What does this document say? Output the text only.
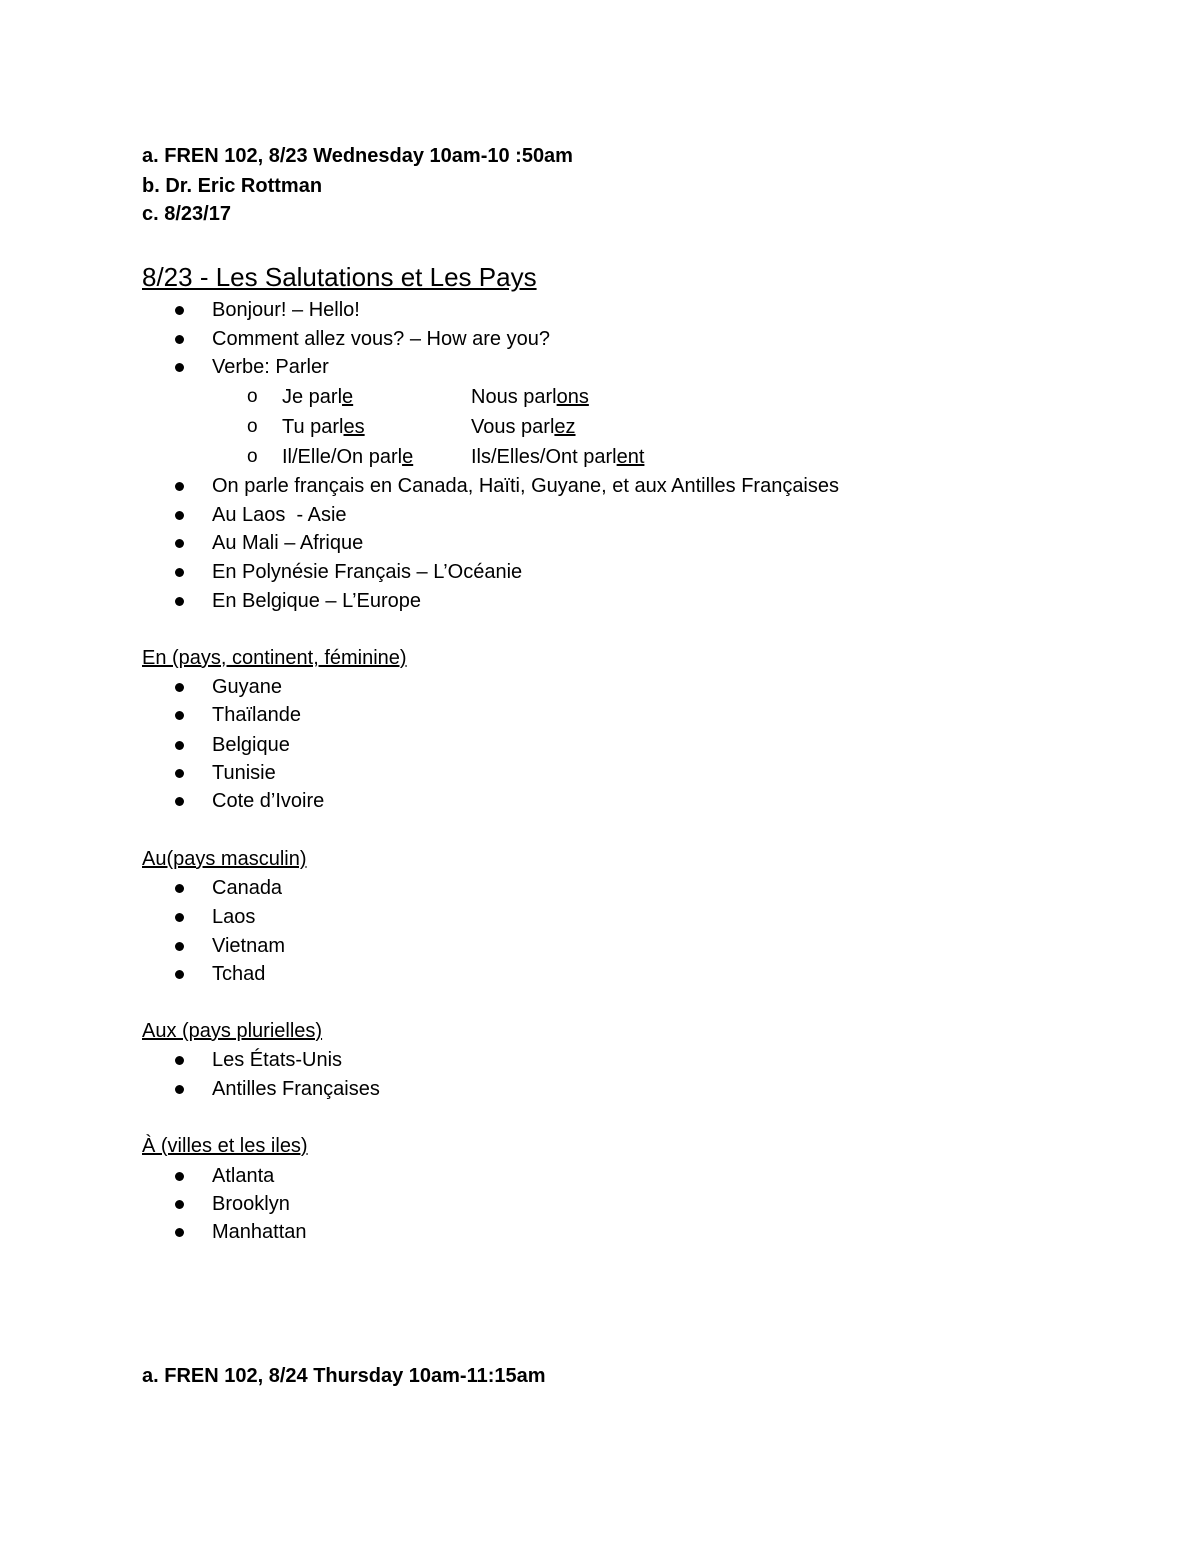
a. FREN 102, 8/23 Wednesday 10am-10 :50am
b. Dr. Eric Rottman
c. 8/23/17
8/23 - Les Salutations et Les Pays
Bonjour! – Hello!
Comment allez vous? – How are you?
Verbe: Parler
o Je parle	Nous parlons
o Tu parles	Vous parlez
o Il/Elle/On parle	Ils/Elles/Ont parlent
On parle français en Canada, Haïti, Guyane, et aux Antilles Françaises
Au Laos  - Asie
Au Mali – Afrique
En Polynésie Français – L’Océanie
En Belgique – L’Europe
En (pays, continent, féminine)
Guyane
Thaïlande
Belgique
Tunisie
Cote d’Ivoire
Au(pays masculin)
Canada
Laos
Vietnam
Tchad
Aux (pays plurielles)
Les États-Unis
Antilles Françaises
À (villes et les iles)
Atlanta
Brooklyn
Manhattan
a. FREN 102, 8/24 Thursday 10am-11:15am
